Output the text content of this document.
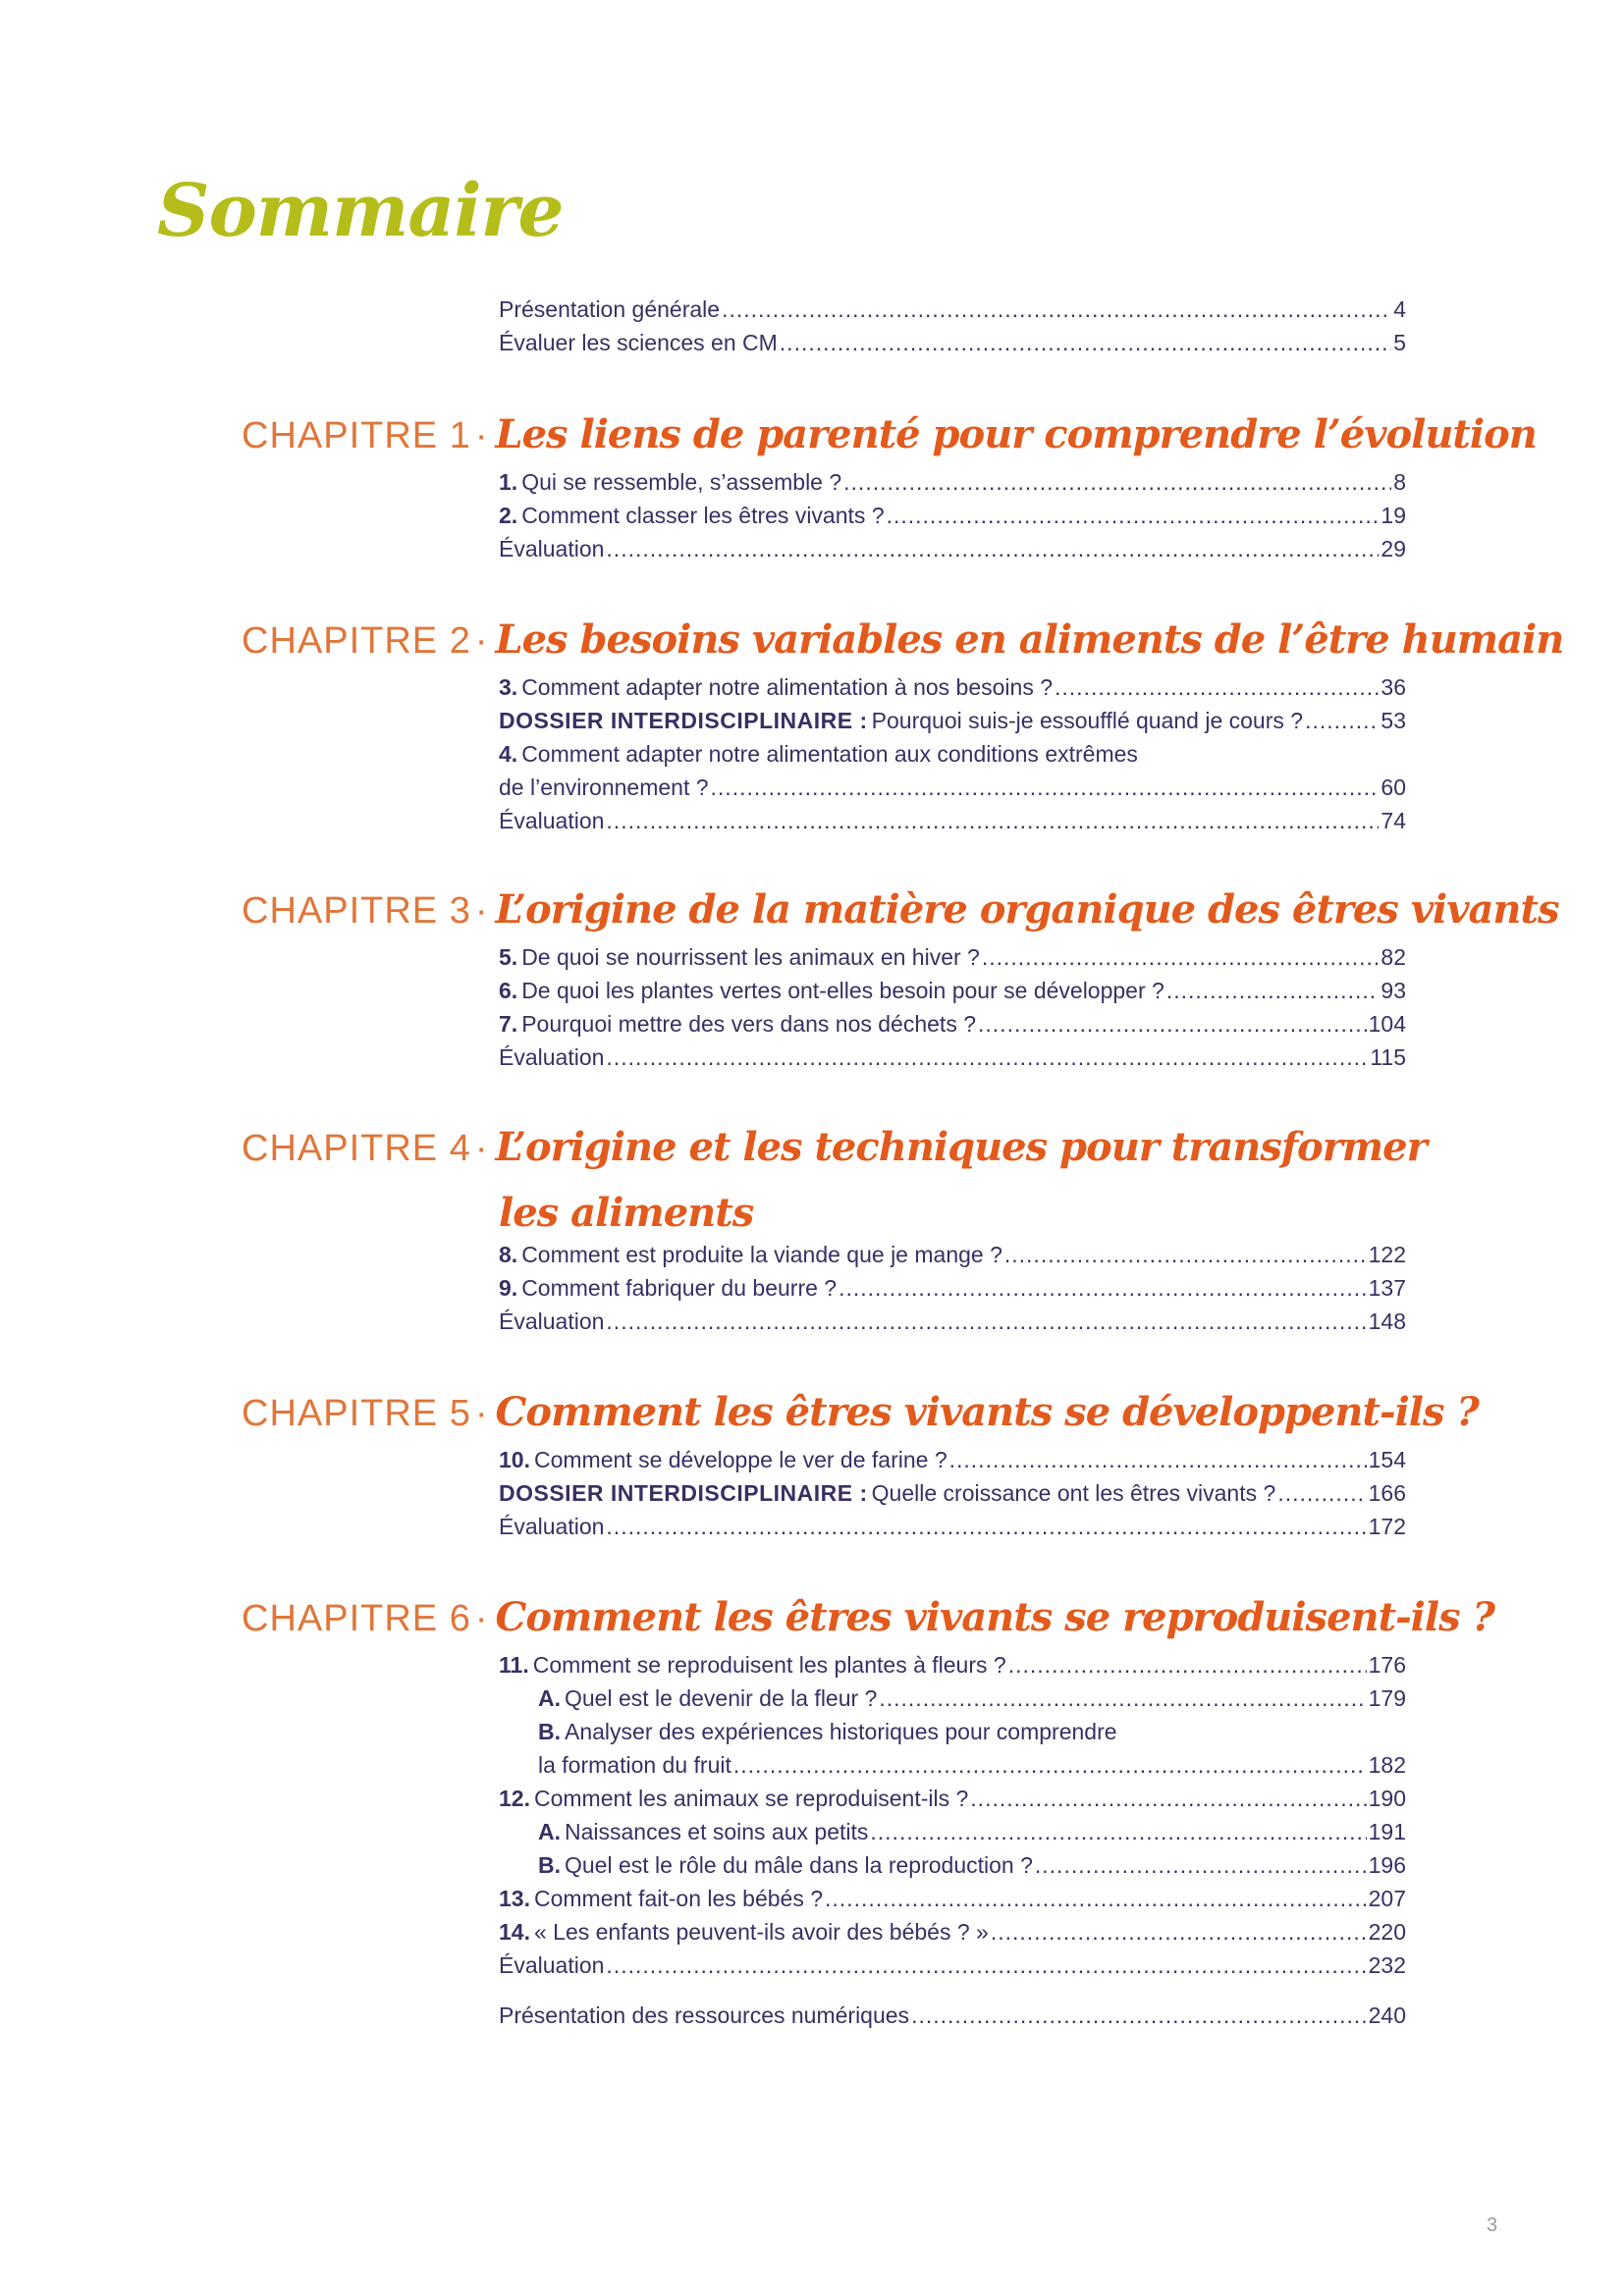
Sommaire
Présentation générale .....	4
Évaluer les sciences en CM .....	5
CHAPITRE 1 · Les liens de parenté pour comprendre l’évolution
1. Qui se ressemble, s’assemble ? .....	8
2. Comment classer les êtres vivants ? .....	19
Évaluation .....	29
CHAPITRE 2 · Les besoins variables en aliments de l’être humain
3. Comment adapter notre alimentation à nos besoins ? .....	36
DOSSIER INTERDISCIPLINAIRE : Pourquoi suis-je essoufflé quand je cours ? .....	53
4. Comment adapter notre alimentation aux conditions extrêmes
de l’environnement ? .....	60
Évaluation .....	74
CHAPITRE 3 · L’origine de la matière organique des êtres vivants
5. De quoi se nourrissent les animaux en hiver ? .....	82
6. De quoi les plantes vertes ont-elles besoin pour se développer ? .....	93
7. Pourquoi mettre des vers dans nos déchets ? .....	104
Évaluation .....	115
CHAPITRE 4 · L’origine et les techniques pour transformer
les aliments
8. Comment est produite la viande que je mange ? .....	122
9. Comment fabriquer du beurre ? .....	137
Évaluation .....	148
CHAPITRE 5 · Comment les êtres vivants se développent-ils ?
10. Comment se développe le ver de farine ? .....	154
DOSSIER INTERDISCIPLINAIRE : Quelle croissance ont les êtres vivants ? .....	166
Évaluation .....	172
CHAPITRE 6 · Comment les êtres vivants se reproduisent-ils ?
11. Comment se reproduisent les plantes à fleurs ? .....	176
A. Quel est le devenir de la fleur ? .....	179
B. Analyser des expériences historiques pour comprendre
la formation du fruit .....	182
12. Comment les animaux se reproduisent-ils ? .....	190
A. Naissances et soins aux petits .....	191
B. Quel est le rôle du mâle dans la reproduction ? .....	196
13. Comment fait-on les bébés ? .....	207
14. « Les enfants peuvent-ils avoir des bébés ? » .....	220
Évaluation .....	232
Présentation des ressources numériques .....	240
3
